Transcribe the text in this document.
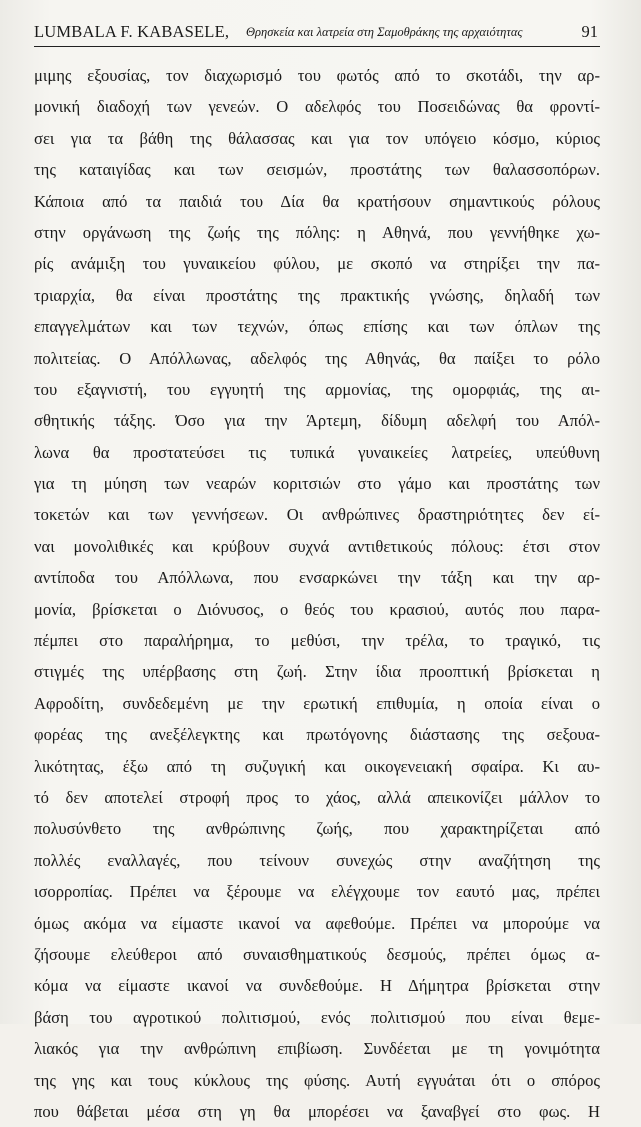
LUMBALA F. KABASELE, Θρησκεία και λατρεία στη Σαμοθράκης της αρχαιότητας	91
μιμης εξουσίας, τον διαχωρισμό του φωτός από το σκοτάδι, την αρ-
μονική διαδοχή των γενεών. Ο αδελφός του Ποσειδώνας θα φροντί-
σει για τα βάθη της θάλασσας και για τον υπόγειο κόσμο, κύριος
της καταιγίδας και των σεισμών, προστάτης των θαλασσοπόρων.
Κάποια από τα παιδιά του Δία θα κρατήσουν σημαντικούς ρόλους
στην οργάνωση της ζωής της πόλης: η Αθηνά, που γεννήθηκε χω-
ρίς ανάμιξη του γυναικείου φύλου, με σκοπό να στηρίξει την πα-
τριαρχία, θα είναι προστάτης της πρακτικής γνώσης, δηλαδή των
επαγγελμάτων και των τεχνών, όπως επίσης και των όπλων της
πολιτείας. Ο Απόλλωνας, αδελφός της Αθηνάς, θα παίξει το ρόλο
του εξαγνιστή, του εγγυητή της αρμονίας, της ομορφιάς, της αι-
σθητικής τάξης. Όσο για την Άρτεμη, δίδυμη αδελφή του Απόλ-
λωνα θα προστατεύσει τις τυπικά γυναικείες λατρείες, υπεύθυνη
για τη μύηση των νεαρών κοριτσιών στο γάμο και προστάτης των
τοκετών και των γεννήσεων. Οι ανθρώπινες δραστηριότητες δεν εί-
ναι μονολιθικές και κρύβουν συχνά αντιθετικούς πόλους: έτσι στον
αντίποδα του Απόλλωνα, που ενσαρκώνει την τάξη και την αρ-
μονία, βρίσκεται ο Διόνυσος, ο θεός του κρασιού, αυτός που παρα-
πέμπει στο παραλήρημα, το μεθύσι, την τρέλα, το τραγικό, τις
στιγμές της υπέρβασης στη ζωή. Στην ίδια προοπτική βρίσκεται η
Αφροδίτη, συνδεδεμένη με την ερωτική επιθυμία, η οποία είναι ο
φορέας της ανεξέλεγκτης και πρωτόγονης διάστασης της σεξουα-
λικότητας, έξω από τη συζυγική και οικογενειακή σφαίρα. Κι αυ-
τό δεν αποτελεί στροφή προς το χάος, αλλά απεικονίζει μάλλον το
πολυσύνθετο της ανθρώπινης ζωής, που χαρακτηρίζεται από
πολλές εναλλαγές, που τείνουν συνεχώς στην αναζήτηση της
ισορροπίας. Πρέπει να ξέρουμε να ελέγχουμε τον εαυτό μας, πρέπει
όμως ακόμα να είμαστε ικανοί να αφεθούμε. Πρέπει να μπορούμε να
ζήσουμε ελεύθεροι από συναισθηματικούς δεσμούς, πρέπει όμως α-
κόμα να είμαστε ικανοί να συνδεθούμε. Η Δήμητρα βρίσκεται στην
βάση του αγροτικού πολιτισμού, ενός πολιτισμού που είναι θεμε-
λιακός για την ανθρώπινη επιβίωση. Συνδέεται με τη γονιμότητα
της γης και τους κύκλους της φύσης. Αυτή εγγυάται ότι ο σπόρος
που θάβεται μέσα στη γη θα μπορέσει να ξαναβγεί στο φως. Η
